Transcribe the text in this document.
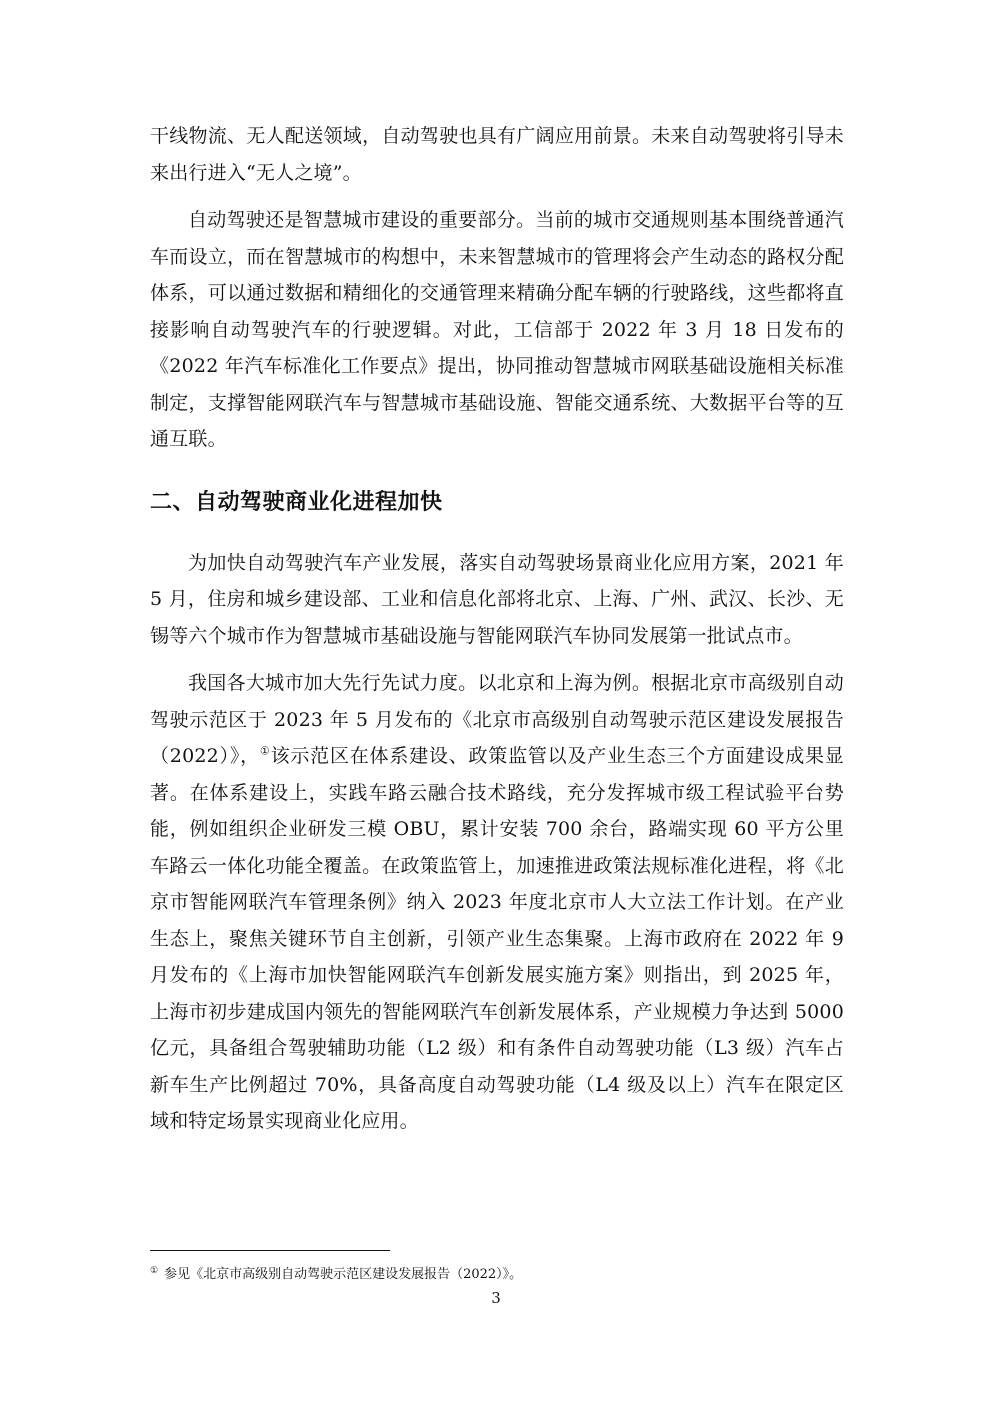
干线物流、无人配送领域，自动驾驶也具有广阔应用前景。未来自动驾驶将引导未来出行进入“无人之境”。

自动驾驶还是智慧城市建设的重要部分。当前的城市交通规则基本围绕普通汽车而设立，而在智慧城市的构想中，未来智慧城市的管理将会产生动态的路权分配体系，可以通过数据和精细化的交通管理来精确分配车辆的行驶路线，这些都将直接影响自动驾驶汽车的行驶逻辑。对此，工信部于 2022 年 3 月 18 日发布的《2022 年汽车标准化工作要点》提出，协同推动智慧城市网联基础设施相关标准制定，支撑智能网联汽车与智慧城市基础设施、智能交通系统、大数据平台等的互通互联。

二、自动驾驶商业化进程加快

为加快自动驾驶汽车产业发展，落实自动驾驶场景商业化应用方案，2021 年 5 月，住房和城乡建设部、工业和信息化部将北京、上海、广州、武汉、长沙、无锡等六个城市作为智慧城市基础设施与智能网联汽车协同发展第一批试点市。

我国各大城市加大先行先试力度。以北京和上海为例。根据北京市高级别自动驾驶示范区于 2023 年 5 月发布的《北京市高级别自动驾驶示范区建设发展报告（2022）》，①该示范区在体系建设、政策监管以及产业生态三个方面建设成果显著。在体系建设上，实践车路云融合技术路线，充分发挥城市级工程试验平台势能，例如组织企业研发三模 OBU，累计安装 700 余台，路端实现 60 平方公里车路云一体化功能全覆盖。在政策监管上，加速推进政策法规标准化进程，将《北京市智能网联汽车管理条例》纳入 2023 年度北京市人大立法工作计划。在产业生态上，聚焦关键环节自主创新，引领产业生态集聚。上海市政府在 2022 年 9 月发布的《上海市加快智能网联汽车创新发展实施方案》则指出，到 2025 年，上海市初步建成国内领先的智能网联汽车创新发展体系，产业规模力争达到 5000 亿元，具备组合驾驶辅助功能（L2 级）和有条件自动驾驶功能（L3 级）汽车占新车生产比例超过 70%，具备高度自动驾驶功能（L4 级及以上）汽车在限定区域和特定场景实现商业化应用。

① 参见《北京市高级别自动驾驶示范区建设发展报告（2022）》。
3
